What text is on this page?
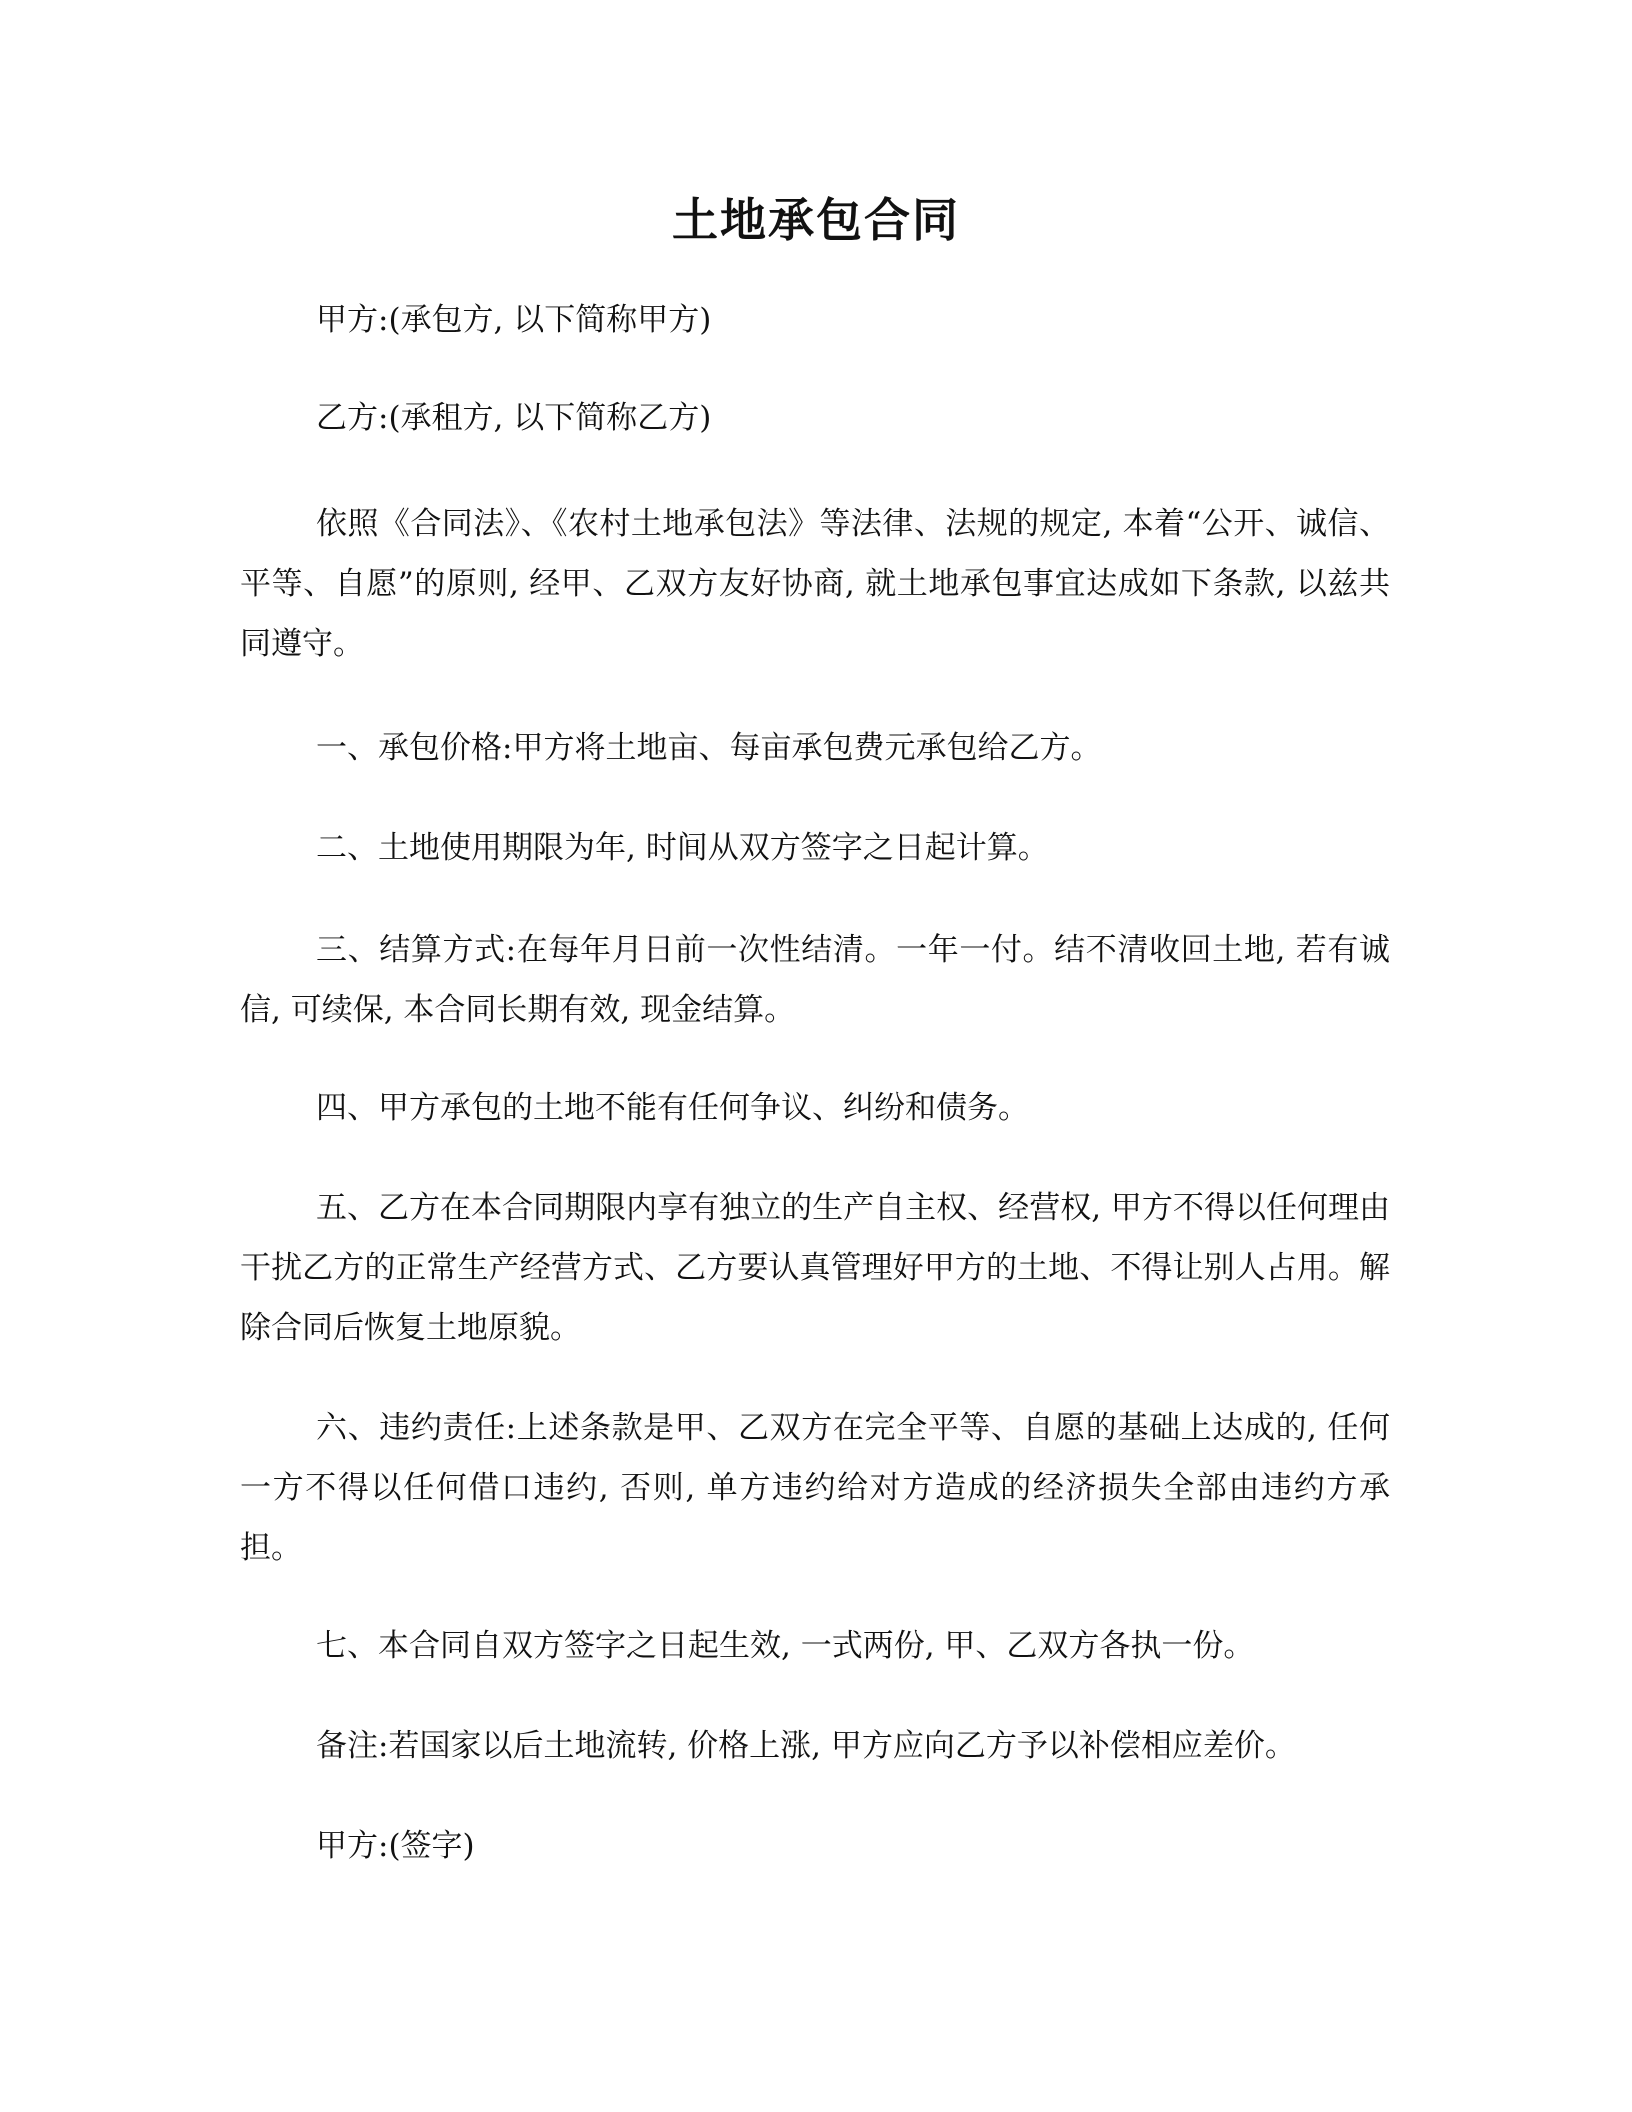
土地承包合同

甲方:(承包方, 以下简称甲方)

乙方:(承租方, 以下简称乙方)

依照《合同法》、《农村土地承包法》等法律、法规的规定, 本着“公开、诚信、平等、自愿”的原则, 经甲、乙双方友好协商, 就土地承包事宜达成如下条款, 以兹共同遵守。

一、承包价格:甲方将土地亩、每亩承包费元承包给乙方。

二、土地使用期限为年, 时间从双方签字之日起计算。

三、结算方式:在每年月日前一次性结清。一年一付。结不清收回土地, 若有诚信, 可续保, 本合同长期有效, 现金结算。

四、甲方承包的土地不能有任何争议、纠纷和债务。

五、乙方在本合同期限内享有独立的生产自主权、经营权, 甲方不得以任何理由干扰乙方的正常生产经营方式、乙方要认真管理好甲方的土地、不得让别人占用。解除合同后恢复土地原貌。

六、违约责任:上述条款是甲、乙双方在完全平等、自愿的基础上达成的, 任何一方不得以任何借口违约, 否则, 单方违约给对方造成的经济损失全部由违约方承担。

七、本合同自双方签字之日起生效, 一式两份, 甲、乙双方各执一份。

备注:若国家以后土地流转, 价格上涨, 甲方应向乙方予以补偿相应差价。

甲方:(签字)
